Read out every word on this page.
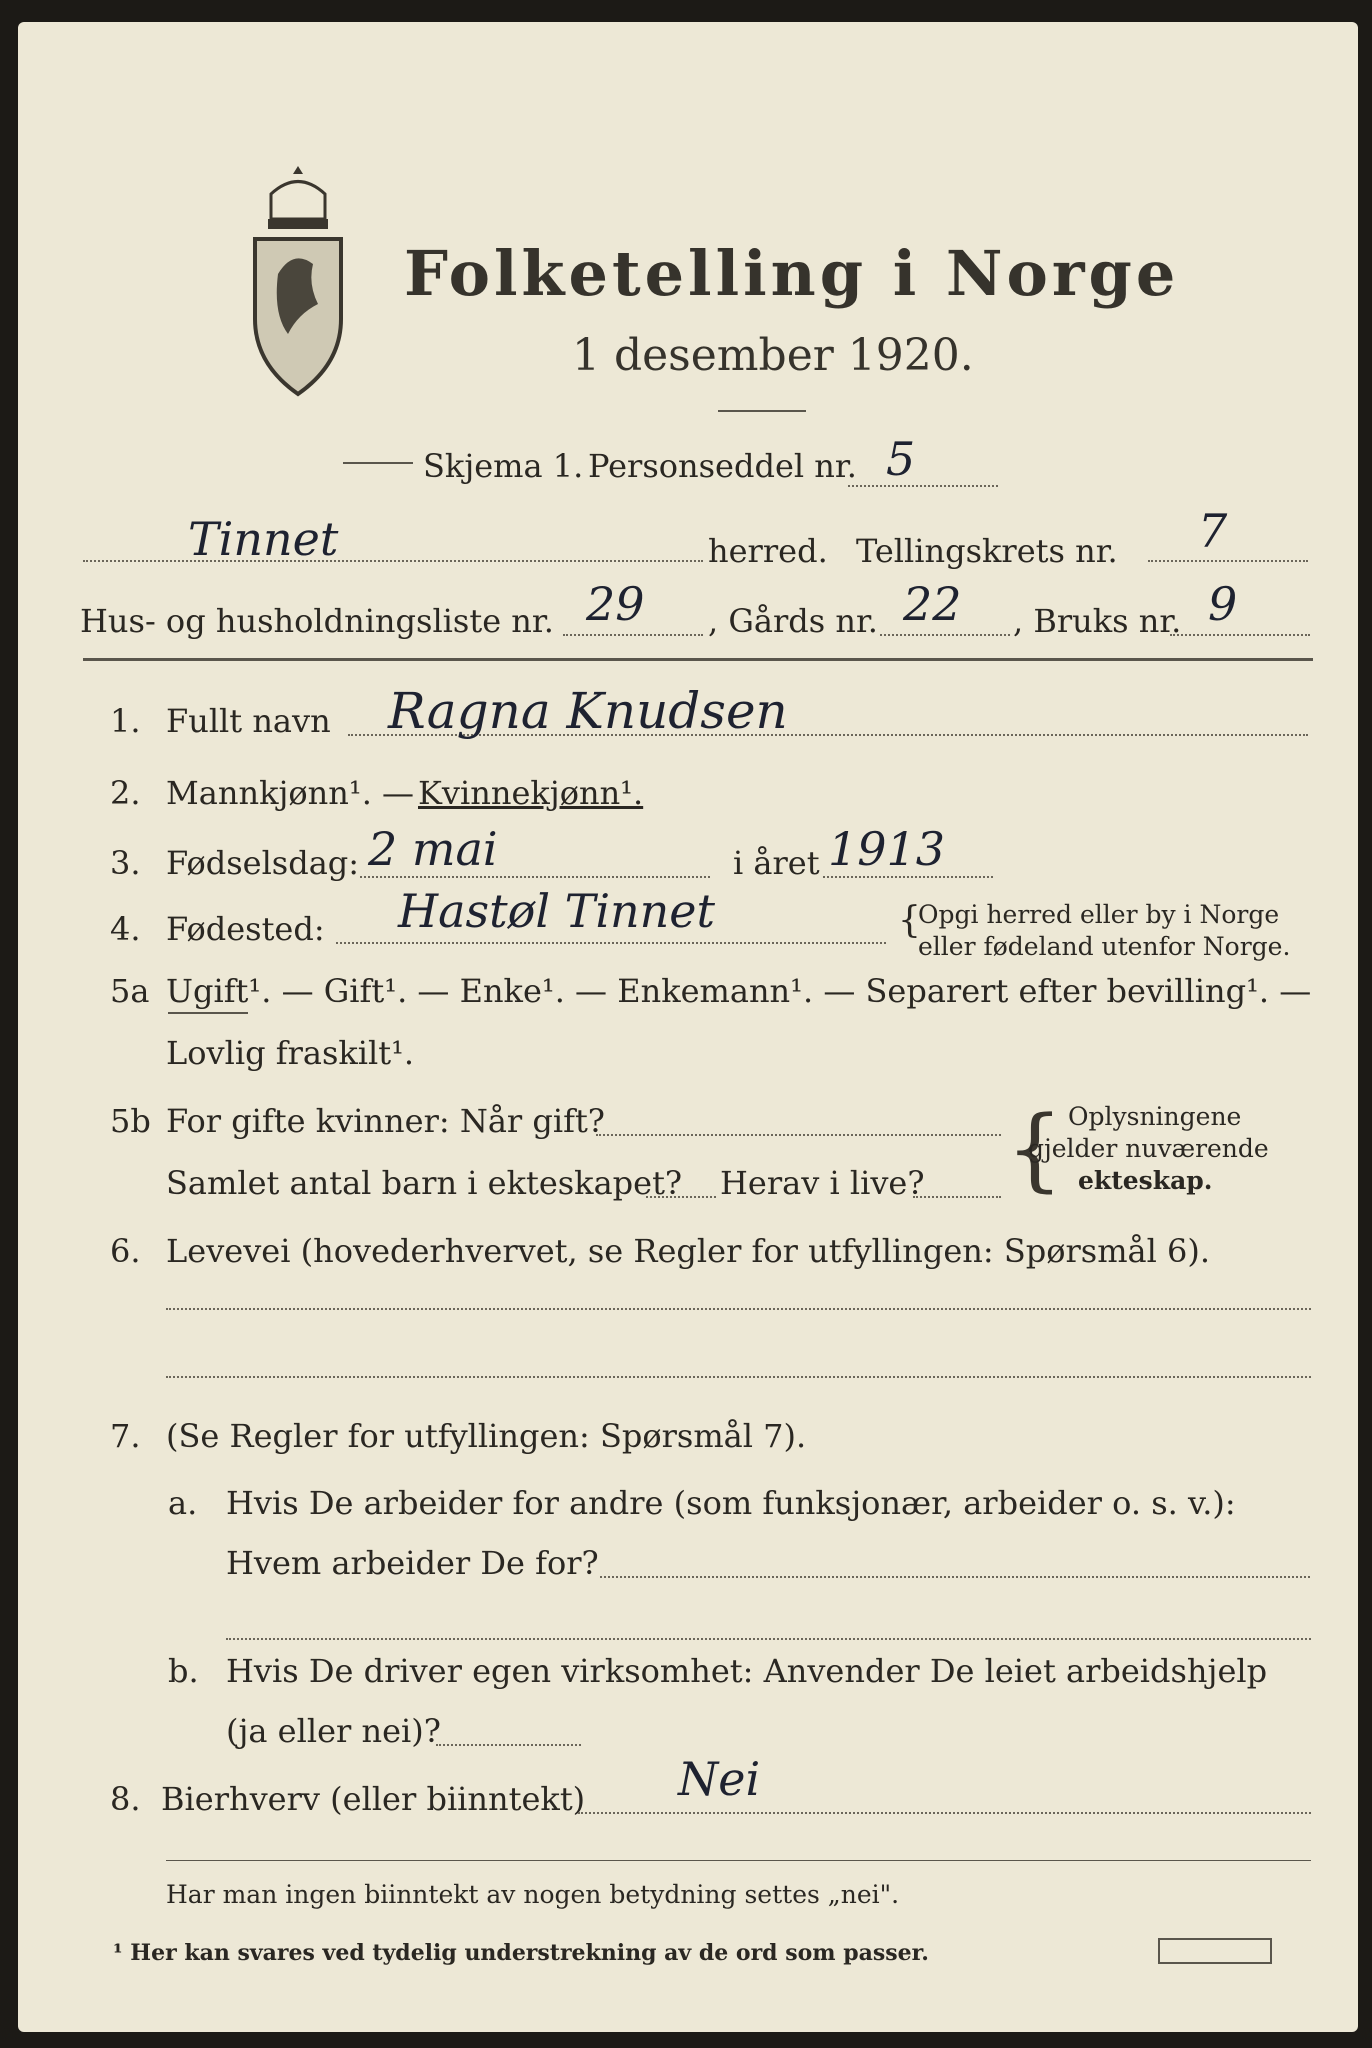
Folketelling i Norge
1 desember 1920.
Skjema 1. Personseddel nr. 5
Tinnet	herred. Tellingskrets nr. 7
Hus- og husholdningsliste nr. 29 , Gårds nr. 22 , Bruks nr. 9
1. Fullt navn Ragna Knudsen
2. Mannkjønn¹. — Kvinnekjønn¹.
3. Fødselsdag: 2 mai	i året 1913
4. Fødested: Hastøl Tinnet	{
Opgi herred eller by i Norge
eller fødeland utenfor Norge.
5a Ugift¹. — Gift¹. — Enke¹. — Enkemann¹. — Separert efter bevilling¹. —
Lovlig fraskilt¹.
5b For gifte kvinner: Når gift?
Samlet antal barn i ekteskapet? Herav i live? { Oplysningene
gjelder nuværende
ekteskap.
6. Levevei (hovederhvervet, se Regler for utfyllingen: Spørsmål 6).
7. (Se Regler for utfyllingen: Spørsmål 7).
a. Hvis De arbeider for andre (som funksjonær, arbeider o. s. v.):
Hvem arbeider De for?
b. Hvis De driver egen virksomhet: Anvender De leiet arbeidshjelp
(ja eller nei)?
8. Bierhverv (eller biinntekt) Nei
Har man ingen biinntekt av nogen betydning settes „nei".
¹ Her kan svares ved tydelig understrekning av de ord som passer.
